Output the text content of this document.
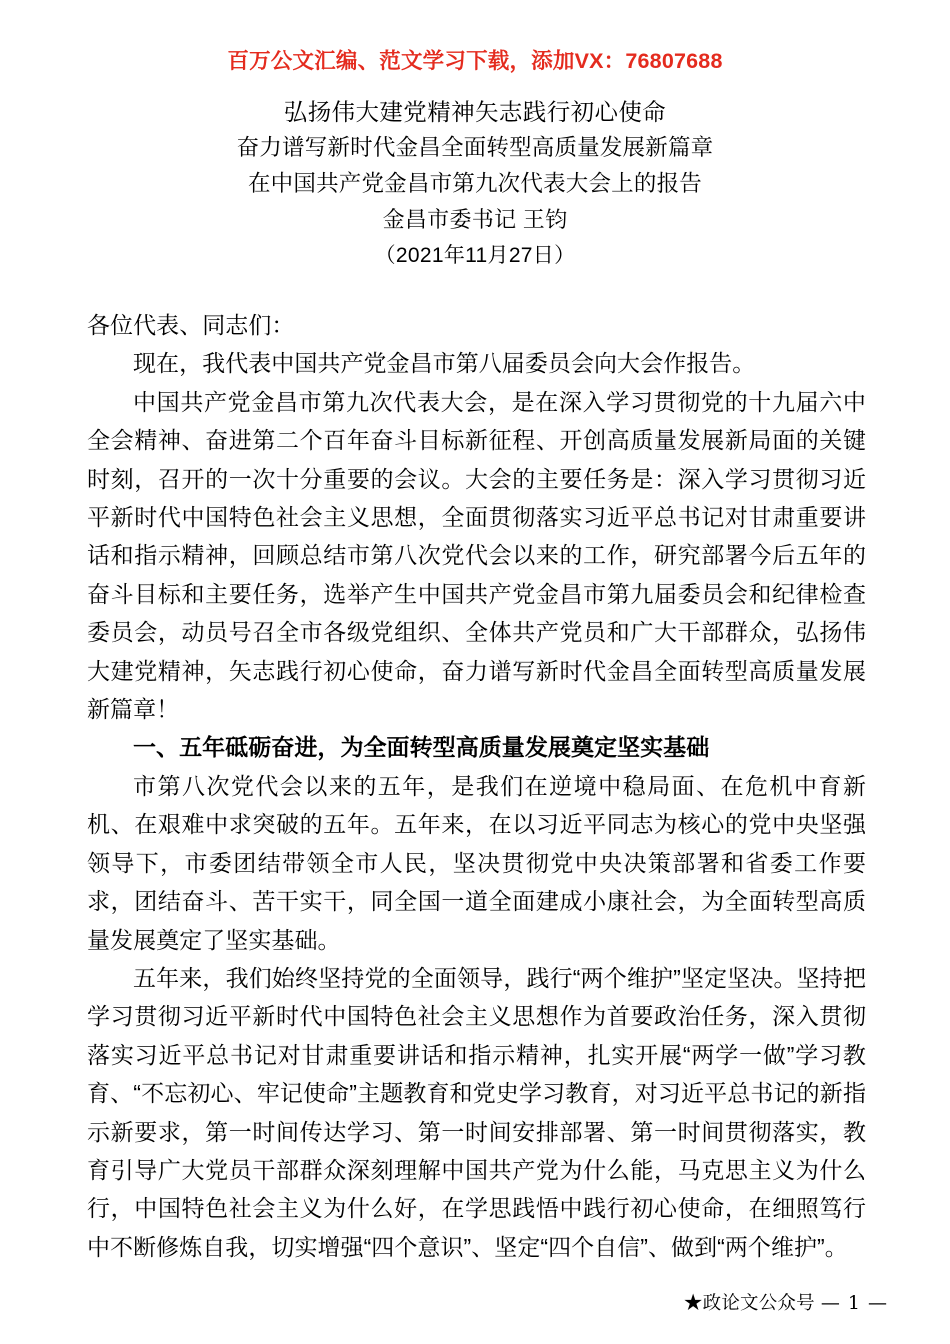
百万公文汇编、范文学习下载，添加VX：76807688
弘扬伟大建党精神矢志践行初心使命
奋力谱写新时代金昌全面转型高质量发展新篇章
在中国共产党金昌市第九次代表大会上的报告
金昌市委书记 王钧
（2021年11月27日）

各位代表、同志们：

现在，我代表中国共产党金昌市第八届委员会向大会作报告。

中国共产党金昌市第九次代表大会，是在深入学习贯彻党的十九届六中全会精神、奋进第二个百年奋斗目标新征程、开创高质量发展新局面的关键时刻，召开的一次十分重要的会议。大会的主要任务是：深入学习贯彻习近平新时代中国特色社会主义思想，全面贯彻落实习近平总书记对甘肃重要讲话和指示精神，回顾总结市第八次党代会以来的工作，研究部署今后五年的奋斗目标和主要任务，选举产生中国共产党金昌市第九届委员会和纪律检查委员会，动员号召全市各级党组织、全体共产党员和广大干部群众，弘扬伟大建党精神，矢志践行初心使命，奋力谱写新时代金昌全面转型高质量发展新篇章！

一、五年砥砺奋进，为全面转型高质量发展奠定坚实基础

市第八次党代会以来的五年，是我们在逆境中稳局面、在危机中育新机、在艰难中求突破的五年。五年来，在以习近平同志为核心的党中央坚强领导下，市委团结带领全市人民，坚决贯彻党中央决策部署和省委工作要求，团结奋斗、苦干实干，同全国一道全面建成小康社会，为全面转型高质量发展奠定了坚实基础。

五年来，我们始终坚持党的全面领导，践行“两个维护”坚定坚决。坚持把学习贯彻习近平新时代中国特色社会主义思想作为首要政治任务，深入贯彻落实习近平总书记对甘肃重要讲话和指示精神，扎实开展“两学一做”学习教育、“不忘初心、牢记使命”主题教育和党史学习教育，对习近平总书记的新指示新要求，第一时间传达学习、第一时间安排部署、第一时间贯彻落实，教育引导广大党员干部群众深刻理解中国共产党为什么能，马克思主义为什么行，中国特色社会主义为什么好，在学思践悟中践行初心使命，在细照笃行中不断修炼自我，切实增强“四个意识”、坚定“四个自信”、做到“两个维护”。

★政论文公众号 — 1 —
